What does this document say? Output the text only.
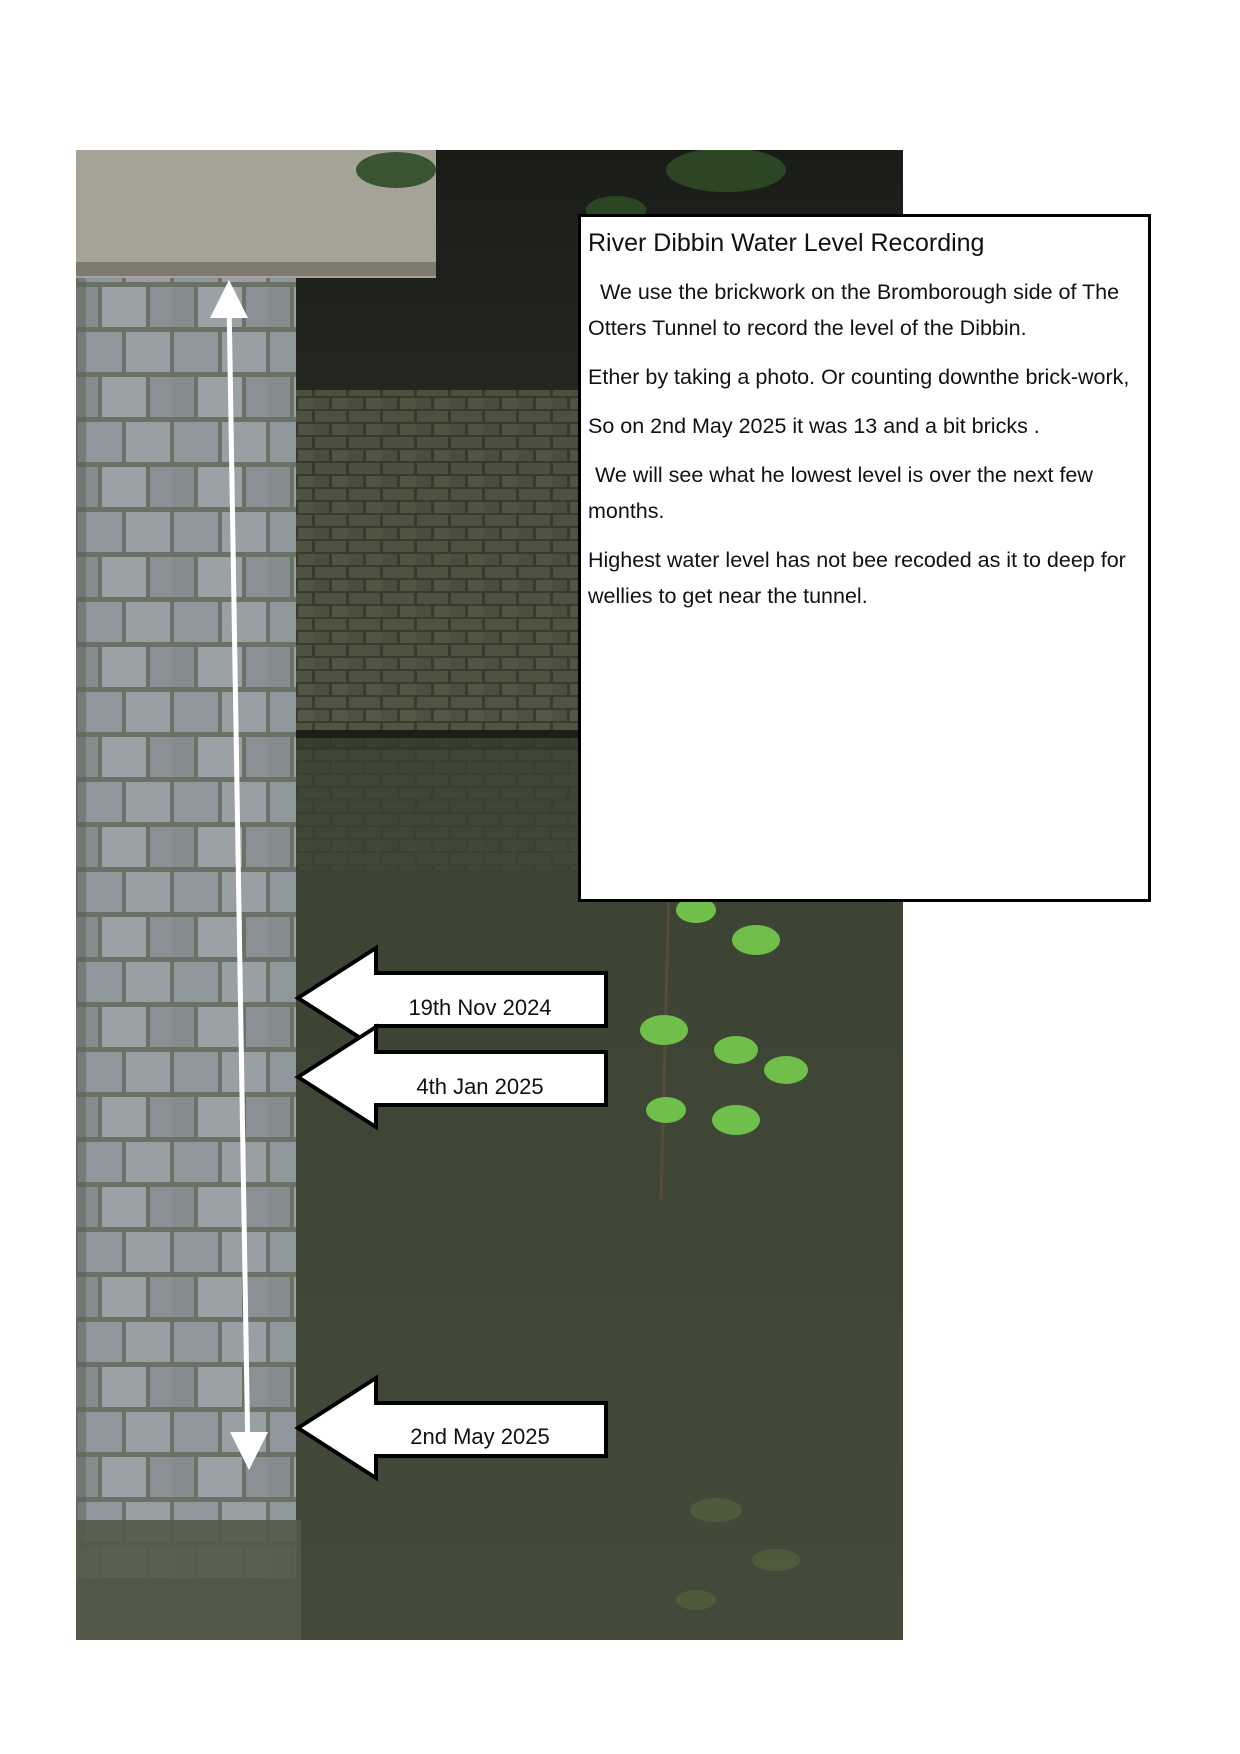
19th Nov 2024
4th Jan 2025
2nd May 2025
River Dibbin Water Level Recording

We use the brickwork on the Bromborough side of The Otters Tunnel to record the level of the Dibbin.

Ether by taking a photo. Or counting downthe brick-work,

So on 2nd May 2025 it was 13 and a bit bricks .

We will see what he lowest level is over the next few months.

Highest water level has not bee recoded as it to deep for wellies to get near the tunnel.
